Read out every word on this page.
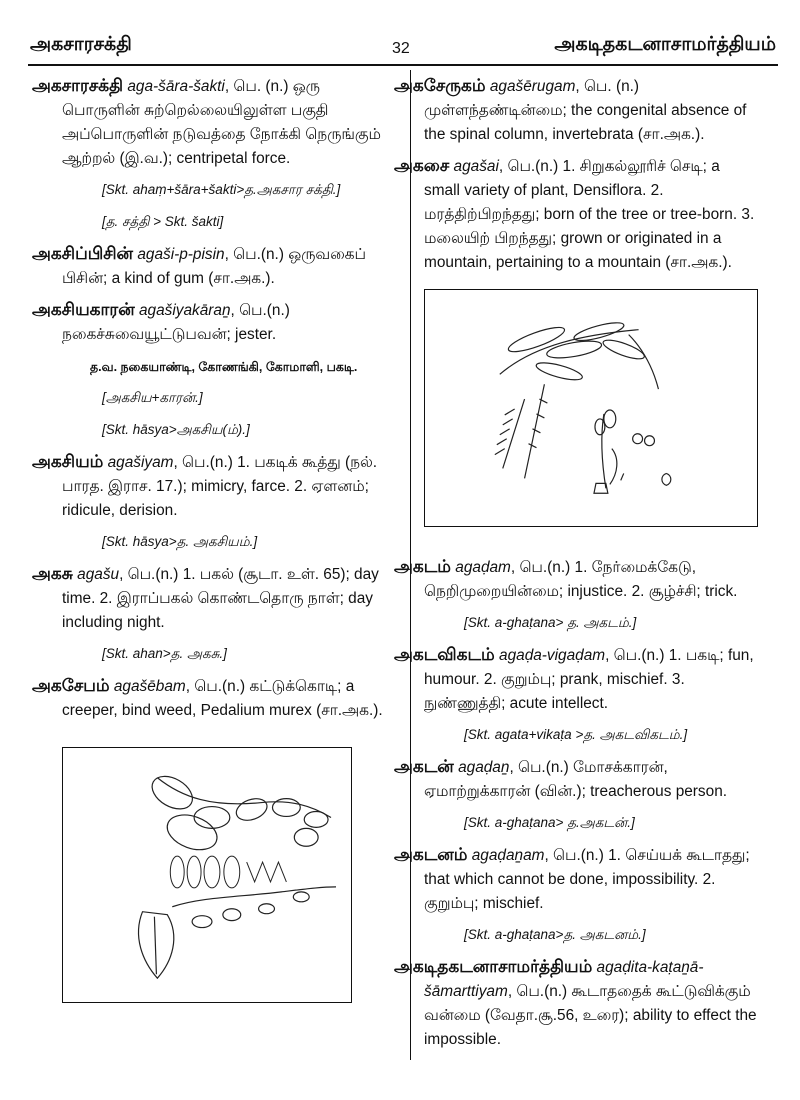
அகசாரசக்தி	32	அகடிதகடனாசாமர்த்தியம்
அகசாரசக்தி aga-šāra-šakti, பெ. (n.) ஒரு பொருளின் சுற்றெல்லையிலுள்ள பகுதி அப்பொருளின் நடுவத்தை நோக்கி நெருங்கும் ஆற்றல் (இ.வ.); centripetal force.
[Skt. ahaṃ+šāra+šakti>த.அகசார சக்தி.]
[த. சத்தி > Skt. šakti]
அகசிப்பிசின் agaši-p-pisin, பெ.(n.) ஒருவகைப் பிசின்; a kind of gum (சா.அக.).
அகசியகாரன் agašiyakāraṉ, பெ.(n.) நகைச்சுவையூட்டுபவன்; jester.
த.வ. நகையாண்டி, கோணங்கி, கோமாளி, பகடி.
[அகசிய+காரன்.]
[Skt. hāsya>அகசிய(ம்).]
அகசியம் agašiyam, பெ.(n.) 1. பகடிக் கூத்து (நல். பாரத. இராச. 17.); mimicry, farce. 2. ஏளனம்; ridicule, derision.
[Skt. hāsya>த. அகசியம்.]
அகசு agašu, பெ.(n.) 1. பகல் (சூடா. உள். 65); day time. 2. இராப்பகல் கொண்டதொரு நாள்; day including night.
[Skt. ahan>த. அகசு.]
அகசேபம் agašēbam, பெ.(n.) கட்டுக்கொடி; a creeper, bind weed, Pedalium murex (சா.அக.).
அகசேருகம் agašērugam, பெ. (n.) முள்ளந்தண்டின்மை; the congenital absence of the spinal column, invertebrata (சா.அக.).
அகசை agašai, பெ.(n.) 1. சிறுகல்லூரிச் செடி; a small variety of plant, Densiflora. 2. மரத்திற்பிறந்தது; born of the tree or tree-born. 3. மலையிற் பிறந்தது; grown or originated in a mountain, pertaining to a mountain (சா.அக.).
அகடம் agaḍam, பெ.(n.) 1. நேர்மைக்கேடு, நெறிமுறையின்மை; injustice. 2. சூழ்ச்சி; trick.
[Skt. a-ghaṭana> த. அகடம்.]
அகடவிகடம் agaḍa-vigaḍam, பெ.(n.) 1. பகடி; fun, humour. 2. குறும்பு; prank, mischief. 3. நுண்ணுத்தி; acute intellect.
[Skt. agata+vikaṭa >த. அகடவிகடம்.]
அகடன் agaḍaṉ, பெ.(n.) மோசக்காரன், ஏமாற்றுக்காரன் (வின்.); treacherous person.
[Skt. a-ghaṭana> த.அகடன்.]
அகடனம் agaḍaṉam, பெ.(n.) 1. செய்யக் கூடாதது; that which cannot be done, impossibility. 2. குறும்பு; mischief.
[Skt. a-ghaṭana>த. அகடனம்.]
அகடிதகடனாசாமர்த்தியம் agaḍita-kaṭaṉā-šāmarttiyam, பெ.(n.) கூடாததைக் கூட்டுவிக்கும் வன்மை (வேதா.சூ.56, உரை); ability to effect the impossible.
